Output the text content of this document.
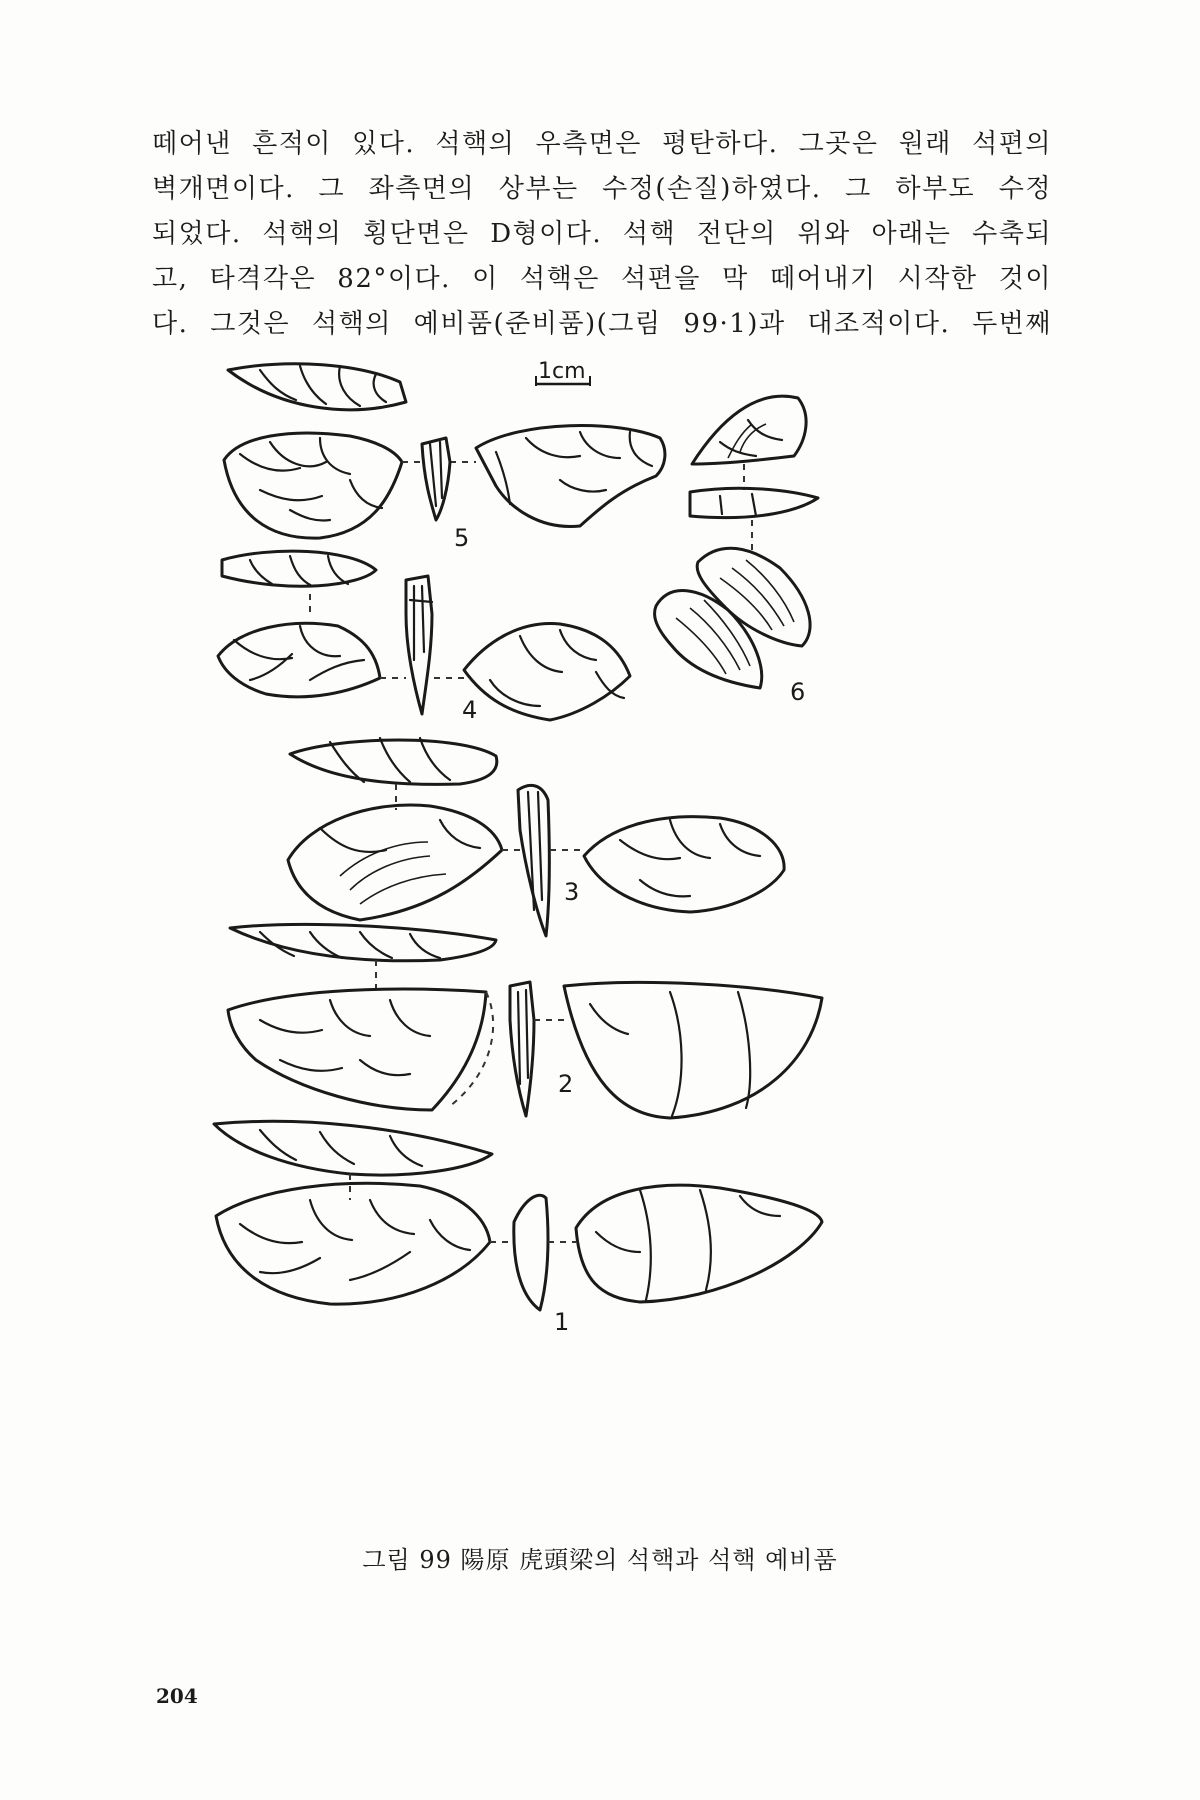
떼어낸 흔적이 있다. 석핵의 우측면은 평탄하다. 그곳은 원래 석편의
벽개면이다. 그 좌측면의 상부는 수정(손질)하였다. 그 하부도 수정
되었다. 석핵의 횡단면은 D형이다. 석핵 전단의 위와 아래는 수축되
고, 타격각은 82°이다. 이 석핵은 석편을 막 떼어내기 시작한 것이
다. 그것은 석핵의 예비품(준비품)(그림 99·1)과 대조적이다. 두번째
1cm
5
4
6
3
2
1
그림 99 陽原 虎頭梁의 석핵과 석핵 예비품
204
